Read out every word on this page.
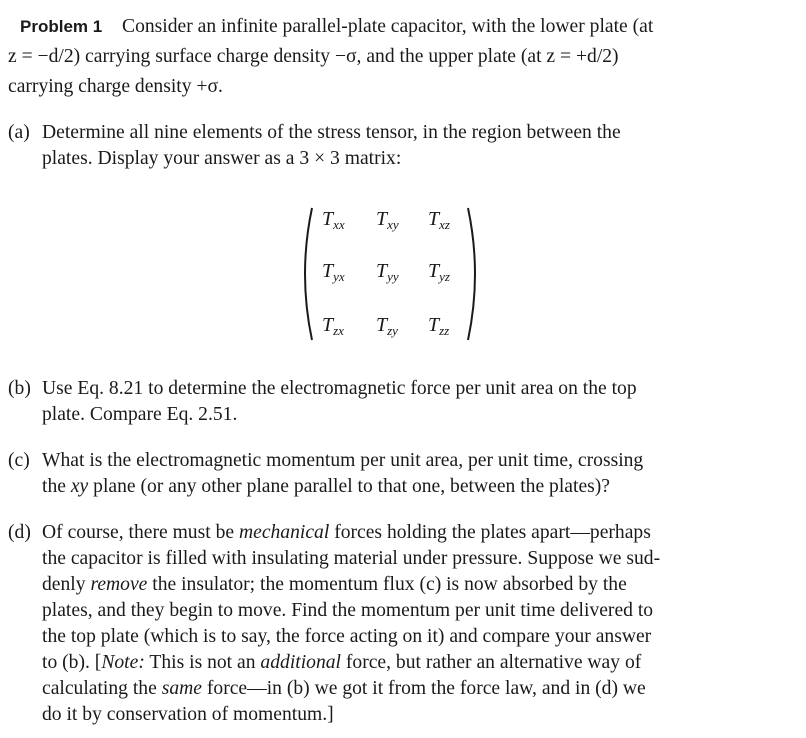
Problem 1 Consider an infinite parallel-plate capacitor, with the lower plate (at
z = −d/2) carrying surface charge density −σ, and the upper plate (at z = +d/2)
carrying charge density +σ.
(a) Determine all nine elements of the stress tensor, in the region between the
plates. Display your answer as a 3 × 3 matrix:
$T_{xx}$ $T_{xy}$ $T_{xz}$
$T_{yx}$ $T_{yy}$ $T_{yz}$
$T_{zx}$ $T_{zy}$ $T_{zz}$
(b) Use Eq. 8.21 to determine the electromagnetic force per unit area on the top
plate. Compare Eq. 2.51.
(c) What is the electromagnetic momentum per unit area, per unit time, crossing
the xy plane (or any other plane parallel to that one, between the plates)?
(d) Of course, there must be mechanical forces holding the plates apart—perhaps
the capacitor is filled with insulating material under pressure. Suppose we sud-
denly remove the insulator; the momentum flux (c) is now absorbed by the
plates, and they begin to move. Find the momentum per unit time delivered to
the top plate (which is to say, the force acting on it) and compare your answer
to (b). [Note: This is not an additional force, but rather an alternative way of
calculating the same force—in (b) we got it from the force law, and in (d) we
do it by conservation of momentum.]
